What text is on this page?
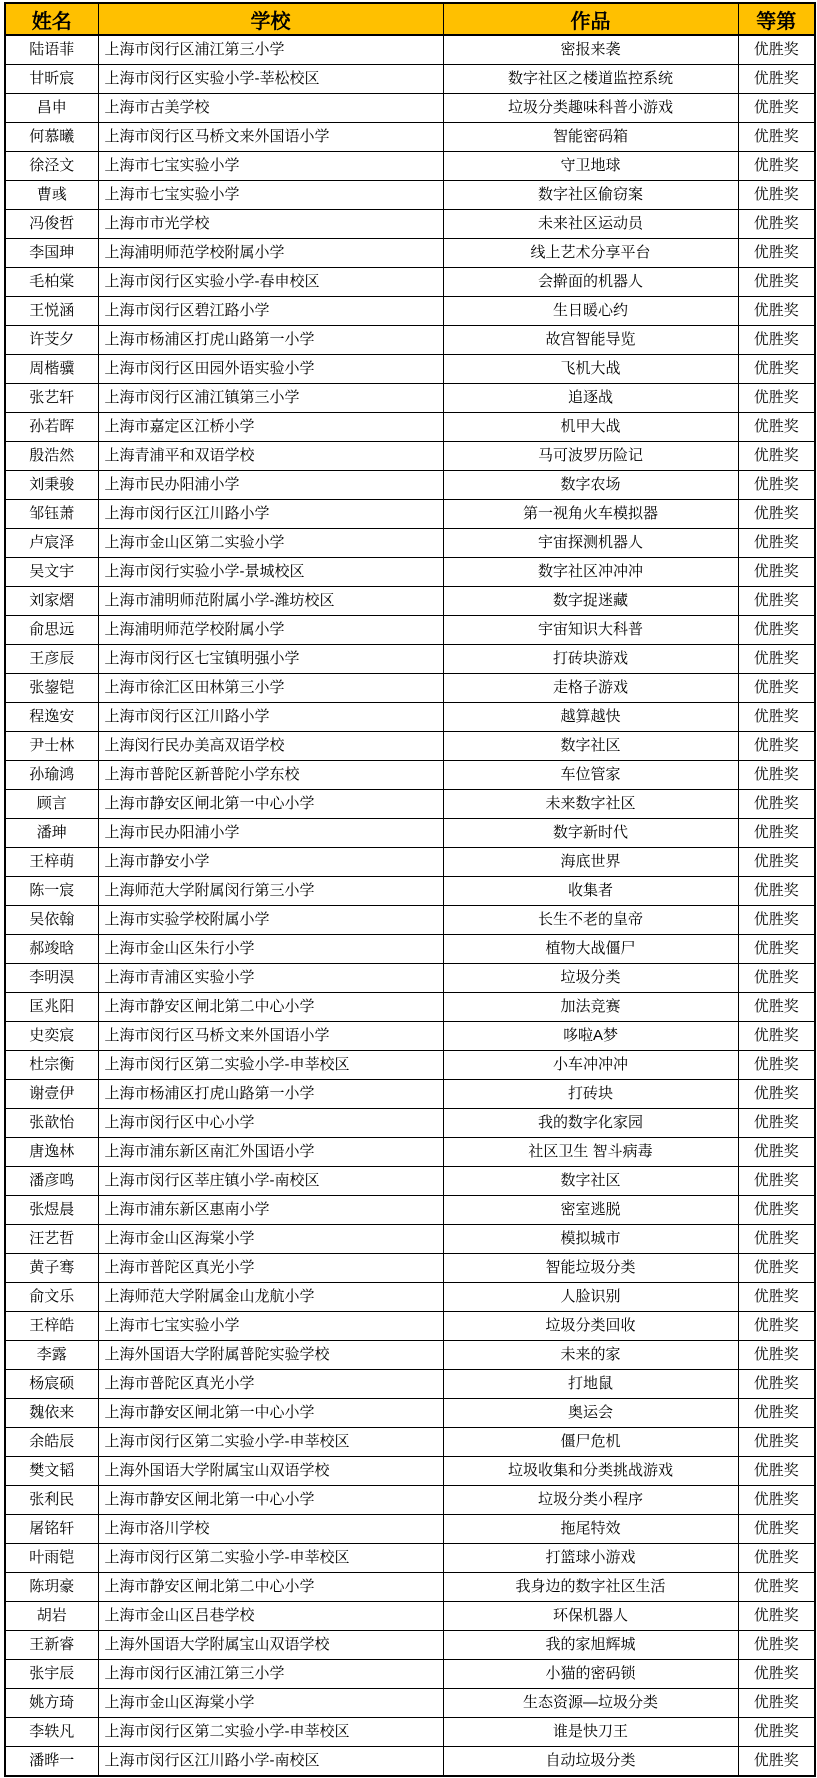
姓名	学校	作品	等第
陆语菲	上海市闵行区浦江第三小学	密报来袭	优胜奖
甘昕宸	上海市闵行区实验小学-莘松校区	数字社区之楼道监控系统	优胜奖
昌申	上海市古美学校	垃圾分类趣味科普小游戏	优胜奖
何慕曦	上海市闵行区马桥文来外国语小学	智能密码箱	优胜奖
徐泾文	上海市七宝实验小学	守卫地球	优胜奖
曹彧	上海市七宝实验小学	数字社区偷窃案	优胜奖
冯俊哲	上海市市光学校	未来社区运动员	优胜奖
李国珅	上海浦明师范学校附属小学	线上艺术分享平台	优胜奖
毛柏棠	上海市闵行区实验小学-春申校区	会擀面的机器人	优胜奖
王悦涵	上海市闵行区碧江路小学	生日暖心约	优胜奖
许芠夕	上海市杨浦区打虎山路第一小学	故宫智能导览	优胜奖
周楷骥	上海市闵行区田园外语实验小学	飞机大战	优胜奖
张艺轩	上海市闵行区浦江镇第三小学	追逐战	优胜奖
孙若晖	上海市嘉定区江桥小学	机甲大战	优胜奖
殷浩然	上海青浦平和双语学校	马可波罗历险记	优胜奖
刘秉骏	上海市民办阳浦小学	数字农场	优胜奖
邹钰萧	上海市闵行区江川路小学	第一视角火车模拟器	优胜奖
卢宸泽	上海市金山区第二实验小学	宇宙探测机器人	优胜奖
吴文宇	上海市闵行实验小学-景城校区	数字社区冲冲冲	优胜奖
刘家熠	上海市浦明师范附属小学-潍坊校区	数字捉迷藏	优胜奖
俞思远	上海浦明师范学校附属小学	宇宙知识大科普	优胜奖
王彦辰	上海市闵行区七宝镇明强小学	打砖块游戏	优胜奖
张鋆铠	上海市徐汇区田林第三小学	走格子游戏	优胜奖
程逸安	上海市闵行区江川路小学	越算越快	优胜奖
尹士林	上海闵行民办美高双语学校	数字社区	优胜奖
孙瑜鸿	上海市普陀区新普陀小学东校	车位管家	优胜奖
顾言	上海市静安区闸北第一中心小学	未来数字社区	优胜奖
潘珅	上海市民办阳浦小学	数字新时代	优胜奖
王梓萌	上海市静安小学	海底世界	优胜奖
陈一宸	上海师范大学附属闵行第三小学	收集者	优胜奖
吴依翰	上海市实验学校附属小学	长生不老的皇帝	优胜奖
郝竣晗	上海市金山区朱行小学	植物大战僵尸	优胜奖
李明淏	上海市青浦区实验小学	垃圾分类	优胜奖
匡兆阳	上海市静安区闸北第二中心小学	加法竞赛	优胜奖
史奕宸	上海市闵行区马桥文来外国语小学	哆啦A梦	优胜奖
杜宗衡	上海市闵行区第二实验小学-申莘校区	小车冲冲冲	优胜奖
谢壹伊	上海市杨浦区打虎山路第一小学	打砖块	优胜奖
张歆怡	上海市闵行区中心小学	我的数字化家园	优胜奖
唐逸林	上海市浦东新区南汇外国语小学	社区卫生 智斗病毒	优胜奖
潘彦鸣	上海市闵行区莘庄镇小学-南校区	数字社区	优胜奖
张煜晨	上海市浦东新区惠南小学	密室逃脱	优胜奖
汪艺哲	上海市金山区海棠小学	模拟城市	优胜奖
黄子骞	上海市普陀区真光小学	智能垃圾分类	优胜奖
俞文乐	上海师范大学附属金山龙航小学	人脸识别	优胜奖
王梓皓	上海市七宝实验小学	垃圾分类回收	优胜奖
李露	上海外国语大学附属普陀实验学校	未来的家	优胜奖
杨宸硕	上海市普陀区真光小学	打地鼠	优胜奖
魏依来	上海市静安区闸北第一中心小学	奥运会	优胜奖
余皓辰	上海市闵行区第二实验小学-申莘校区	僵尸危机	优胜奖
樊文韬	上海外国语大学附属宝山双语学校	垃圾收集和分类挑战游戏	优胜奖
张利民	上海市静安区闸北第一中心小学	垃圾分类小程序	优胜奖
屠铭轩	上海市洛川学校	拖尾特效	优胜奖
叶雨铠	上海市闵行区第二实验小学-申莘校区	打篮球小游戏	优胜奖
陈玥豪	上海市静安区闸北第二中心小学	我身边的数字社区生活	优胜奖
胡岩	上海市金山区吕巷学校	环保机器人	优胜奖
王新睿	上海外国语大学附属宝山双语学校	我的家旭辉城	优胜奖
张宇辰	上海市闵行区浦江第三小学	小猫的密码锁	优胜奖
姚方琦	上海市金山区海棠小学	生态资源—垃圾分类	优胜奖
李轶凡	上海市闵行区第二实验小学-申莘校区	谁是快刀王	优胜奖
潘晔一	上海市闵行区江川路小学-南校区	自动垃圾分类	优胜奖
